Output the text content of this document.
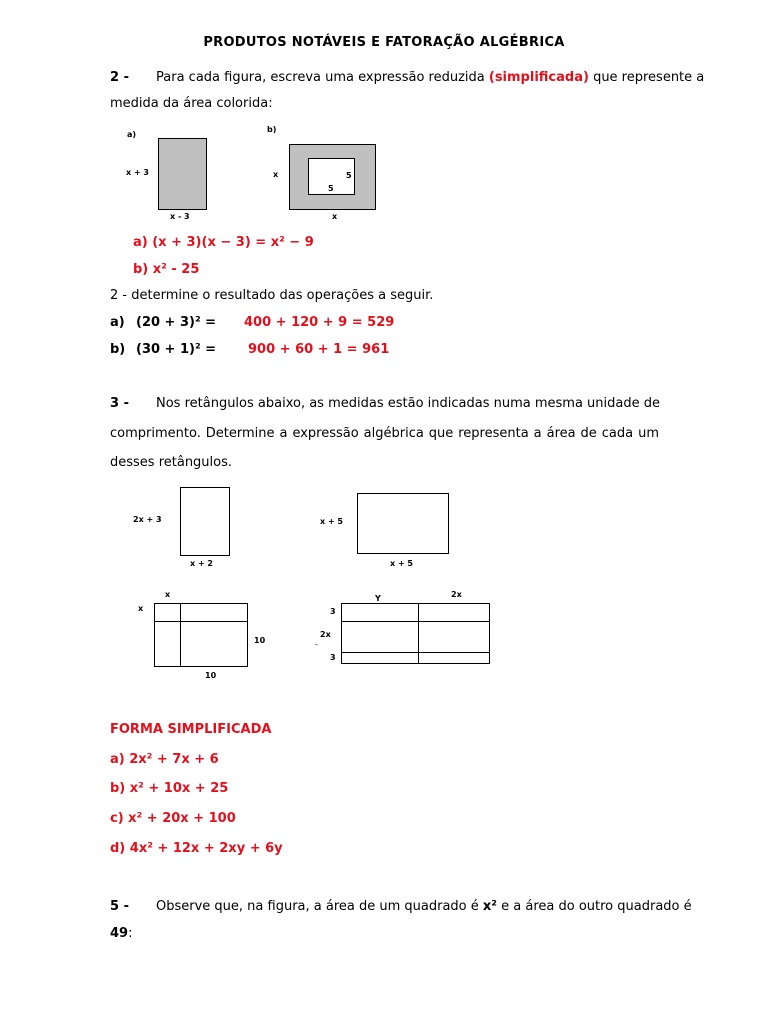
PRODUTOS NOTÁVEIS E FATORAÇÃO ALGÉBRICA
2 - Para cada figura, escreva uma expressão reduzida (simplificada) que represente a
medida da área colorida:
a)
x + 3
x - 3
b)
x	5
5
x
a) (x + 3)(x − 3) = x² − 9
b) x² - 25
2 - determine o resultado das operações a seguir.
a) (20 + 3)² = 400 + 120 + 9 = 529
b) (30 + 1)² = 900 + 60 + 1 = 961
3 - Nos retângulos abaixo, as medidas estão indicadas numa mesma unidade de
comprimento. Determine a expressão algébrica que representa a área de cada um
desses retângulos.
2x + 3
x + 2
x + 5
x + 5
x
x
10
10
Y	2x
3
2x
-
3
FORMA SIMPLIFICADA
a) 2x² + 7x + 6
b) x² + 10x + 25
c) x² + 20x + 100
d) 4x² + 12x + 2xy + 6y
5 - Observe que, na figura, a área de um quadrado é x² e a área do outro quadrado é
49:
